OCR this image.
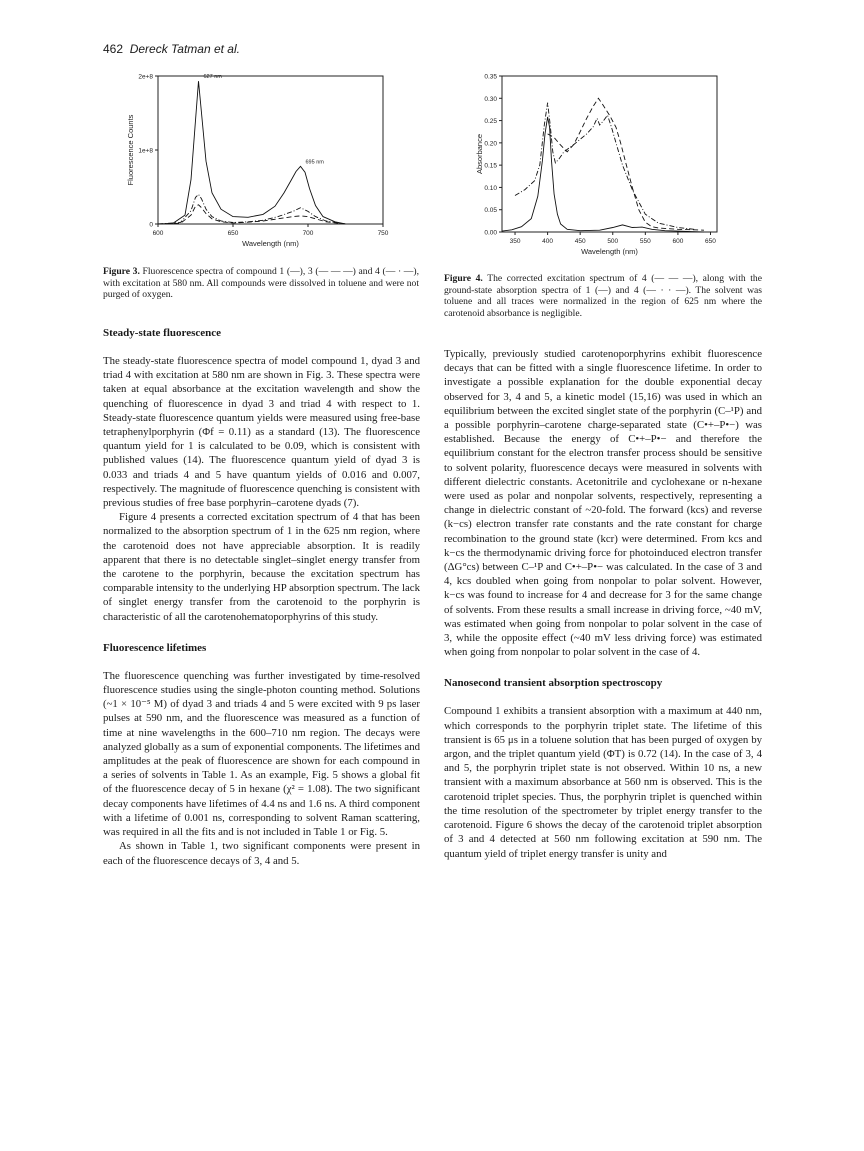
462 Dereck Tatman et al.
600	650	700	750
0
1e+8
2e+8
Wavelength (nm)
Fluorescence Counts
627 nm
695 nm
Figure 3. Fluorescence spectra of compound 1 (—), 3 (— — —) and 4 (— · —), with excitation at 580 nm. All compounds were dissolved in toluene and were not purged of oxygen.
350	400	450	500	550	600	650
0.00
0.05
0.10
0.15
0.20
0.25
0.30
0.35
Wavelength (nm)
Absorbance
Figure 4. The corrected excitation spectrum of 4 (— — —), along with the ground-state absorption spectra of 1 (—) and 4 (— · · —). The solvent was toluene and all traces were normalized in the region of 625 nm where the carotenoid absorbance is negligible.
Steady-state fluorescence

The steady-state fluorescence spectra of model compound 1, dyad 3 and triad 4 with excitation at 580 nm are shown in Fig. 3. These spectra were taken at equal absorbance at the excitation wavelength and show the quenching of fluorescence in dyad 3 and triad 4 with respect to 1. Steady-state fluorescence quantum yields were measured using free-base tetraphenylporphyrin (Φf = 0.11) as a standard (13). The fluorescence quantum yield for 1 is calculated to be 0.09, which is consistent with published values (14). The fluorescence quantum yield of dyad 3 is 0.033 and triads 4 and 5 have quantum yields of 0.016 and 0.007, respectively. The magnitude of fluorescence quenching is consistent with previous studies of free base porphyrin–carotene dyads (7).

Figure 4 presents a corrected excitation spectrum of 4 that has been normalized to the absorption spectrum of 1 in the 625 nm region, where the carotenoid does not have appreciable absorption. It is readily apparent that there is no detectable singlet–singlet energy transfer from the carotene to the porphyrin, because the excitation spectrum has comparable intensity to the underlying HP absorption spectrum. The lack of singlet energy transfer from the carotenoid to the porphyrin is characteristic of all the carotenohematoporphyrins of this study.

Fluorescence lifetimes

The fluorescence quenching was further investigated by time-resolved fluorescence studies using the single-photon counting method. Solutions (~1 × 10⁻⁵ M) of dyad 3 and triads 4 and 5 were excited with 9 ps laser pulses at 590 nm, and the fluorescence was measured as a function of time at nine wavelengths in the 600–710 nm region. The decays were analyzed globally as a sum of exponential components. The lifetimes and amplitudes at the peak of fluorescence are shown for each compound in a series of solvents in Table 1. As an example, Fig. 5 shows a global fit of the fluorescence decay of 5 in hexane (χ² = 1.08). The two significant decay components have lifetimes of 4.4 ns and 1.6 ns. A third component with a lifetime of 0.001 ns, corresponding to solvent Raman scattering, was required in all the fits and is not included in Table 1 or Fig. 5.

As shown in Table 1, two significant components were present in each of the fluorescence decays of 3, 4 and 5.

Typically, previously studied carotenoporphyrins exhibit fluorescence decays that can be fitted with a single fluorescence lifetime. In order to investigate a possible explanation for the double exponential decay observed for 3, 4 and 5, a kinetic model (15,16) was used in which an equilibrium between the excited singlet state of the porphyrin (C–¹P) and a possible porphyrin–carotene charge-separated state (C•+–P•−) was established. Because the energy of C•+–P•− and therefore the equilibrium constant for the electron transfer process should be sensitive to solvent polarity, fluorescence decays were measured in solvents with different dielectric constants. Acetonitrile and cyclohexane or n-hexane were used as polar and nonpolar solvents, respectively, representing a change in dielectric constant of ~20-fold. The forward (kcs) and reverse (k−cs) electron transfer rate constants and the rate constant for charge recombination to the ground state (kcr) were determined. From kcs and k−cs the thermodynamic driving force for photoinduced electron transfer (ΔG°cs) between C–¹P and C•+–P•− was calculated. In the case of 3 and 4, kcs doubled when going from nonpolar to polar solvent. However, k−cs was found to increase for 4 and decrease for 3 for the same change of solvents. From these results a small increase in driving force, ~40 mV, was estimated when going from nonpolar to polar solvent in the case of 3, while the opposite effect (~40 mV less driving force) was estimated when going from nonpolar to polar solvent in the case of 4.

Nanosecond transient absorption spectroscopy

Compound 1 exhibits a transient absorption with a maximum at 440 nm, which corresponds to the porphyrin triplet state. The lifetime of this transient is 65 μs in a toluene solution that has been purged of oxygen by argon, and the triplet quantum yield (ΦT) is 0.72 (14). In the case of 3, 4 and 5, the porphyrin triplet state is not observed. Within 10 ns, a new transient with a maximum absorbance at 560 nm is observed. This is the carotenoid triplet species. Thus, the porphyrin triplet is quenched within the time resolution of the spectrometer by triplet energy transfer to the carotenoid. Figure 6 shows the decay of the carotenoid triplet absorption of 3 and 4 detected at 560 nm following excitation at 590 nm. The quantum yield of triplet energy transfer is unity and
